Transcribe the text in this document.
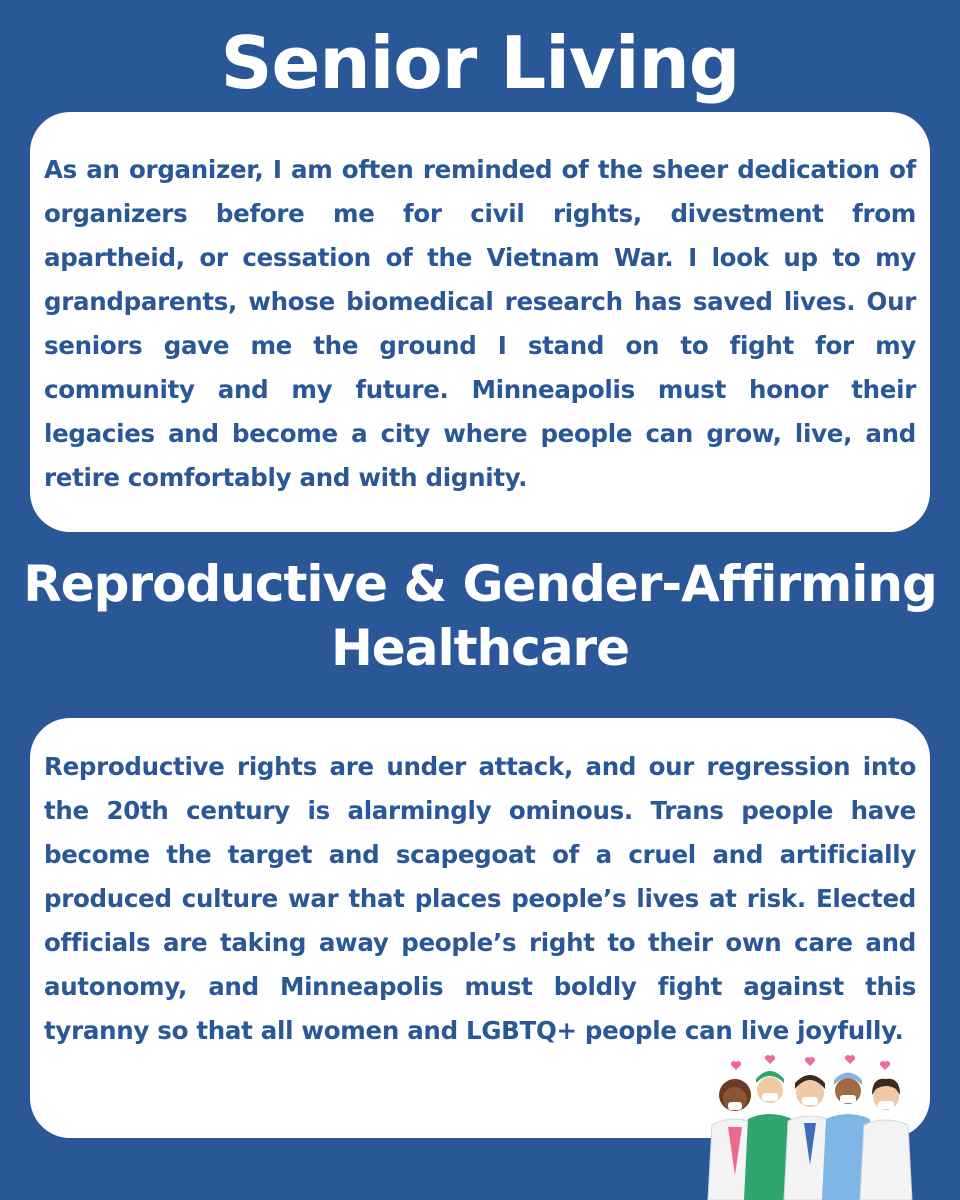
Senior Living

As an organizer, I am often reminded of the sheer dedication of organizers before me for civil rights, divestment from apartheid, or cessation of the Vietnam War. I look up to my grandparents, whose biomedical research has saved lives. Our seniors gave me the ground I stand on to fight for my community and my future. Minneapolis must honor their legacies and become a city where people can grow, live, and retire comfortably and with dignity.

Reproductive & Gender-Affirming Healthcare

Reproductive rights are under attack, and our regression into the 20th century is alarmingly ominous. Trans people have become the target and scapegoat of a cruel and artificially produced culture war that places people’s lives at risk. Elected officials are taking away people’s right to their own care and autonomy, and Minneapolis must boldly fight against this tyranny so that all women and LGBTQ+ people can live joyfully.
